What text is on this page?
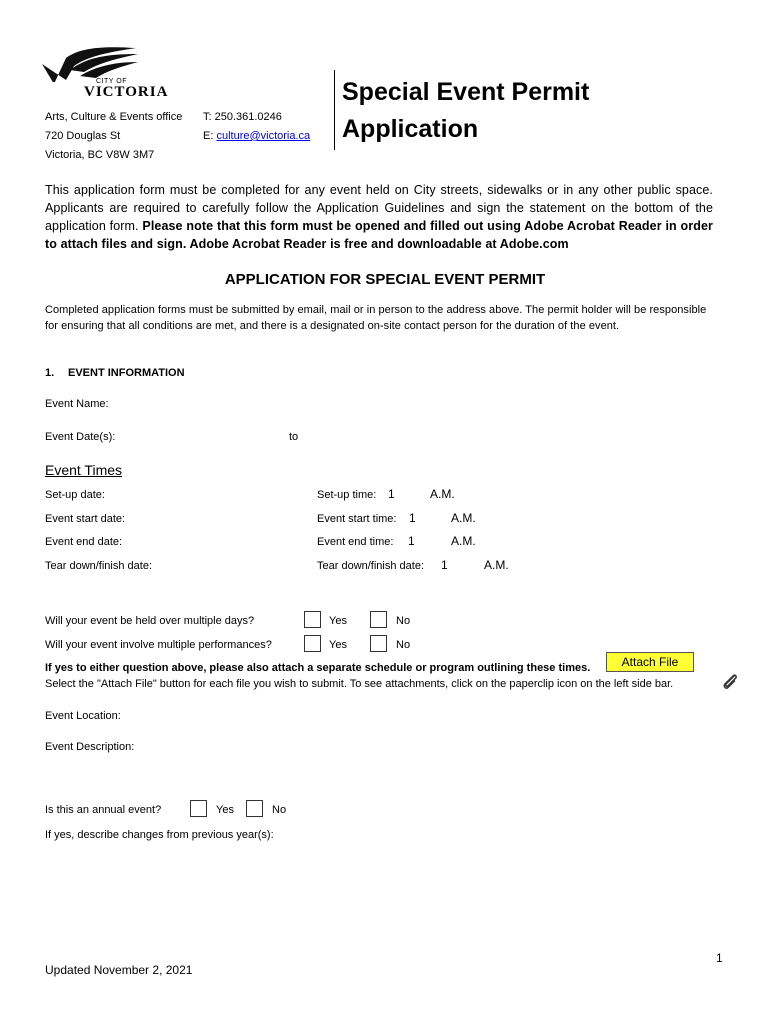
CITY OF
VICTORIA
Arts, Culture & Events office
720 Douglas St
Victoria, BC V8W 3M7
T: 250.361.0246
E: culture@victoria.ca
Special Event Permit
Application
This application form must be completed for any event held on City streets, sidewalks or in any other public space. Applicants are required to carefully follow the Application Guidelines and sign the statement on the bottom of the application form. Please note that this form must be opened and filled out using Adobe Acrobat Reader in order to attach files and sign. Adobe Acrobat Reader is free and downloadable at Adobe.com
APPLICATION FOR SPECIAL EVENT PERMIT
Completed application forms must be submitted by email, mail or in person to the address above. The permit holder will be responsible for ensuring that all conditions are met, and there is a designated on-site contact person for the duration of the event.
1. EVENT INFORMATION
Event Name:
Event Date(s):	to
Event Times
Set-up date:	Set-up time: 1	A.M.
Event start date:	Event start time: 1	A.M.
Event end date:	Event end time: 1	A.M.
Tear down/finish date:	Tear down/finish date: 1	A.M.
Will your event be held over multiple days?	Yes	No
Will your event involve multiple performances?	Yes	No
If yes to either question above, please also attach a separate schedule or program outlining these times.	Attach File
Select the "Attach File" button for each file you wish to submit. To see attachments, click on the paperclip icon on the left side bar.
Event Location:
Event Description:
Is this an annual event?	Yes	No
If yes, describe changes from previous year(s):
1
Updated November 2, 2021
